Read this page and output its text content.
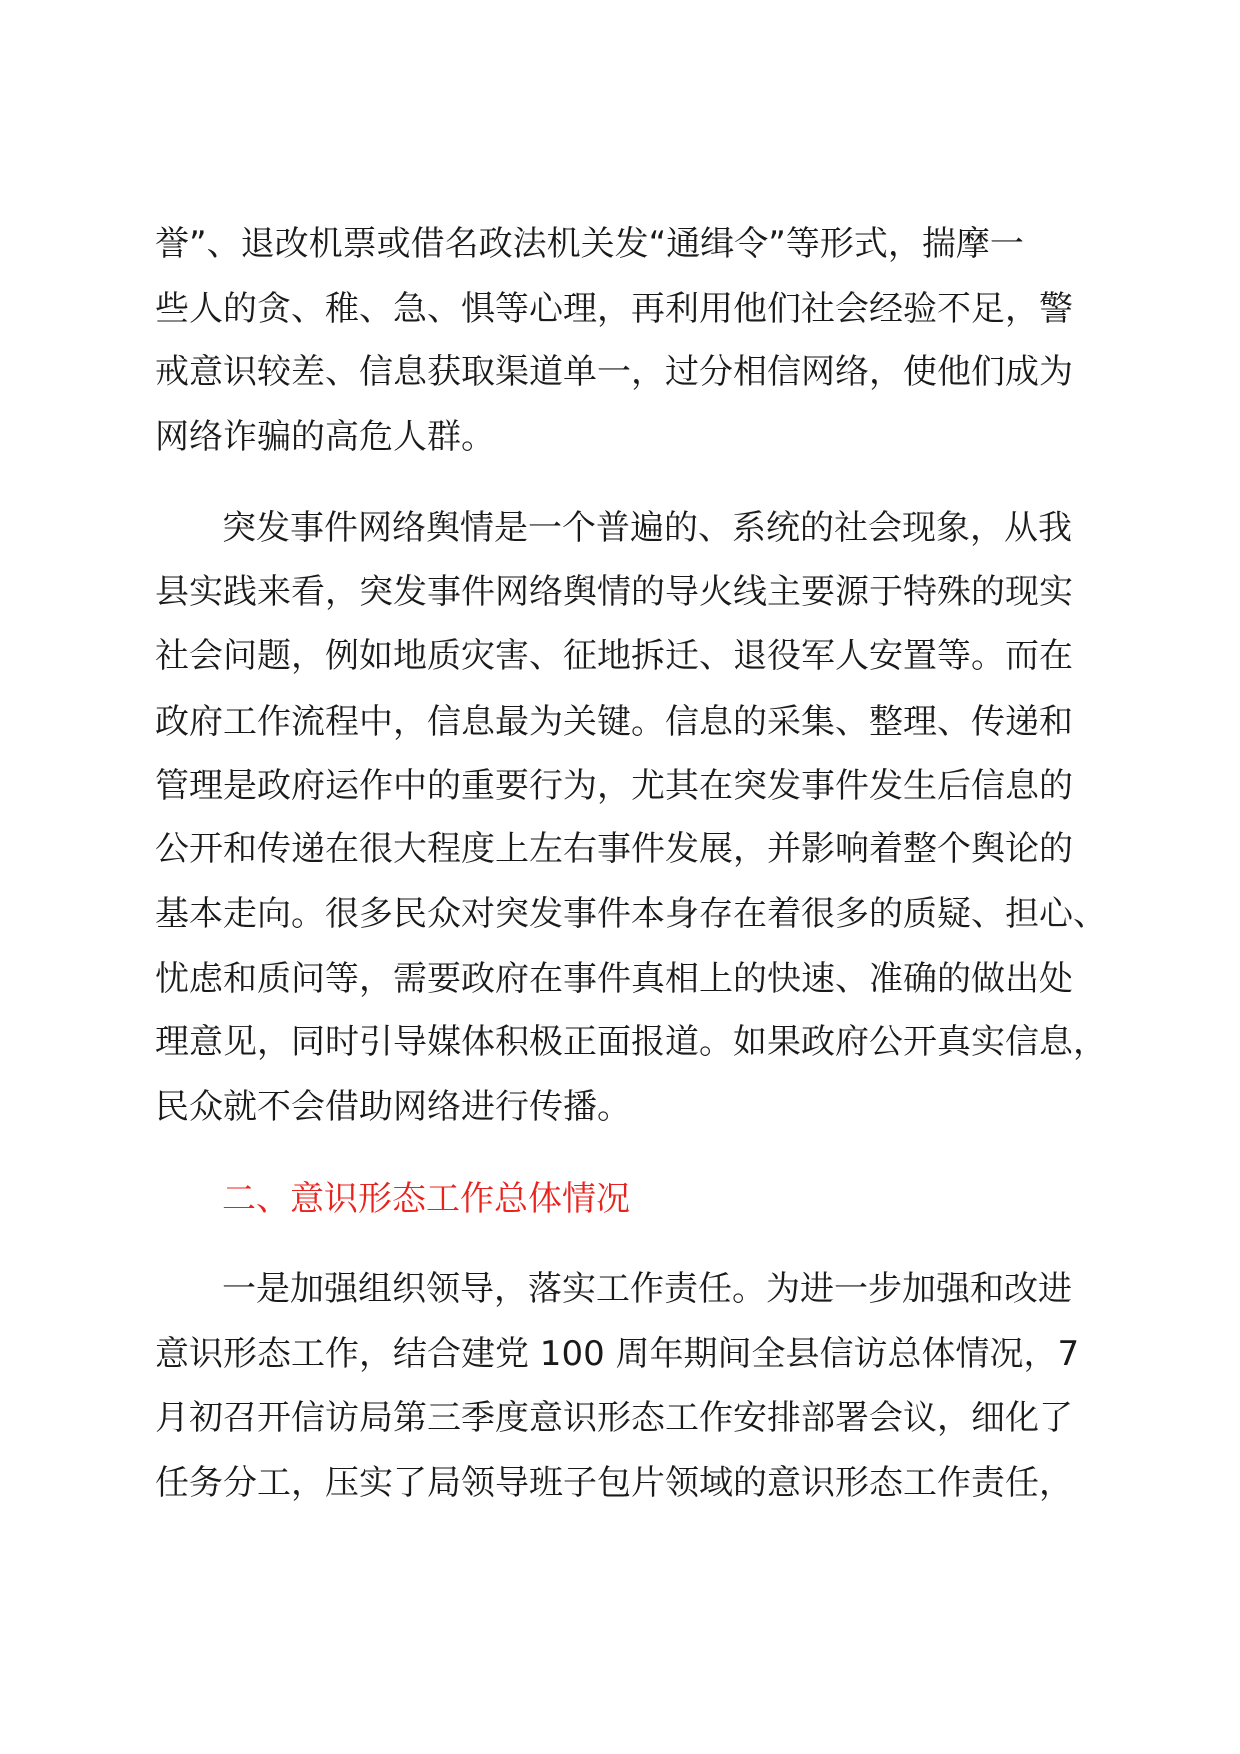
誉”、退改机票或借名政法机关发“通缉令”等形式，揣摩一
些人的贪、稚、急、惧等心理，再利用他们社会经验不足，警
戒意识较差、信息获取渠道单一，过分相信网络，使他们成为
网络诈骗的高危人群。
突发事件网络舆情是一个普遍的、系统的社会现象，从我
县实践来看，突发事件网络舆情的导火线主要源于特殊的现实
社会问题，例如地质灾害、征地拆迁、退役军人安置等。而在
政府工作流程中，信息最为关键。信息的采集、整理、传递和
管理是政府运作中的重要行为，尤其在突发事件发生后信息的
公开和传递在很大程度上左右事件发展，并影响着整个舆论的
基本走向。很多民众对突发事件本身存在着很多的质疑、担心、
忧虑和质问等，需要政府在事件真相上的快速、准确的做出处
理意见，同时引导媒体积极正面报道。如果政府公开真实信息，
民众就不会借助网络进行传播。
二、意识形态工作总体情况
一是加强组织领导，落实工作责任。为进一步加强和改进
意识形态工作，结合建党 100 周年期间全县信访总体情况，7
月初召开信访局第三季度意识形态工作安排部署会议，细化了
任务分工，压实了局领导班子包片领域的意识形态工作责任，
